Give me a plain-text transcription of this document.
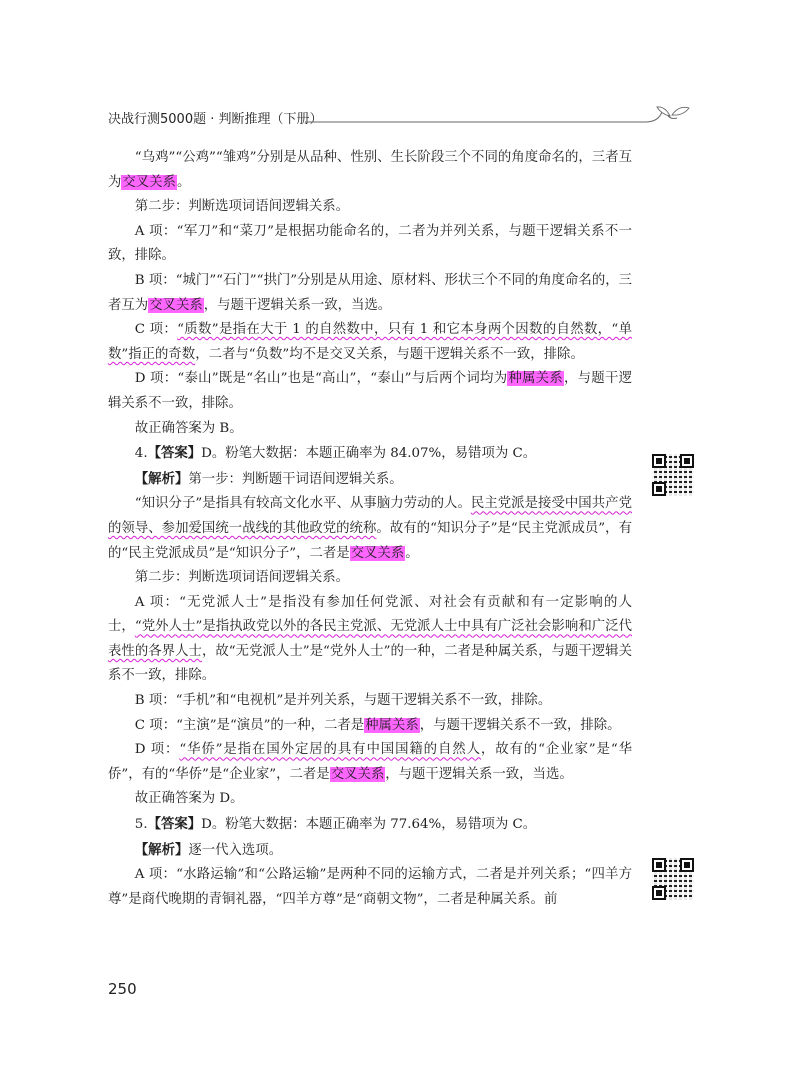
决战行测5000题 · 判断推理（下册）

“乌鸡”“公鸡”“雏鸡”分别是从品种、性别、生长阶段三个不同的角度命名的，三者互为交叉关系。

第二步：判断选项词语间逻辑关系。

A 项：“军刀”和“菜刀”是根据功能命名的，二者为并列关系，与题干逻辑关系不一致，排除。

B 项：“城门”“石门”“拱门”分别是从用途、原材料、形状三个不同的角度命名的，三者互为交叉关系，与题干逻辑关系一致，当选。

C 项：“质数”是指在大于 1 的自然数中，只有 1 和它本身两个因数的自然数，“单数”指正的奇数，二者与“负数”均不是交叉关系，与题干逻辑关系不一致，排除。

D 项：“泰山”既是“名山”也是“高山”，“泰山”与后两个词均为种属关系，与题干逻辑关系不一致，排除。

故正确答案为 B。

4.【答案】D。粉笔大数据：本题正确率为 84.07%，易错项为 C。

【解析】第一步：判断题干词语间逻辑关系。

“知识分子”是指具有较高文化水平、从事脑力劳动的人。民主党派是接受中国共产党的领导、参加爱国统一战线的其他政党的统称。故有的“知识分子”是“民主党派成员”，有的“民主党派成员”是“知识分子”，二者是交叉关系。

第二步：判断选项词语间逻辑关系。

A 项：“无党派人士”是指没有参加任何党派、对社会有贡献和有一定影响的人士，“党外人士”是指执政党以外的各民主党派、无党派人士中具有广泛社会影响和广泛代表性的各界人士，故“无党派人士”是“党外人士”的一种，二者是种属关系，与题干逻辑关系不一致，排除。

B 项：“手机”和“电视机”是并列关系，与题干逻辑关系不一致，排除。

C 项：“主演”是“演员”的一种，二者是种属关系，与题干逻辑关系不一致，排除。

D 项：“华侨”是指在国外定居的具有中国国籍的自然人，故有的“企业家”是“华侨”，有的“华侨”是“企业家”，二者是交叉关系，与题干逻辑关系一致，当选。

故正确答案为 D。

5.【答案】D。粉笔大数据：本题正确率为 77.64%，易错项为 C。

【解析】逐一代入选项。

A 项：“水路运输”和“公路运输”是两种不同的运输方式，二者是并列关系；“四羊方尊”是商代晚期的青铜礼器，“四羊方尊”是“商朝文物”，二者是种属关系。前

250
